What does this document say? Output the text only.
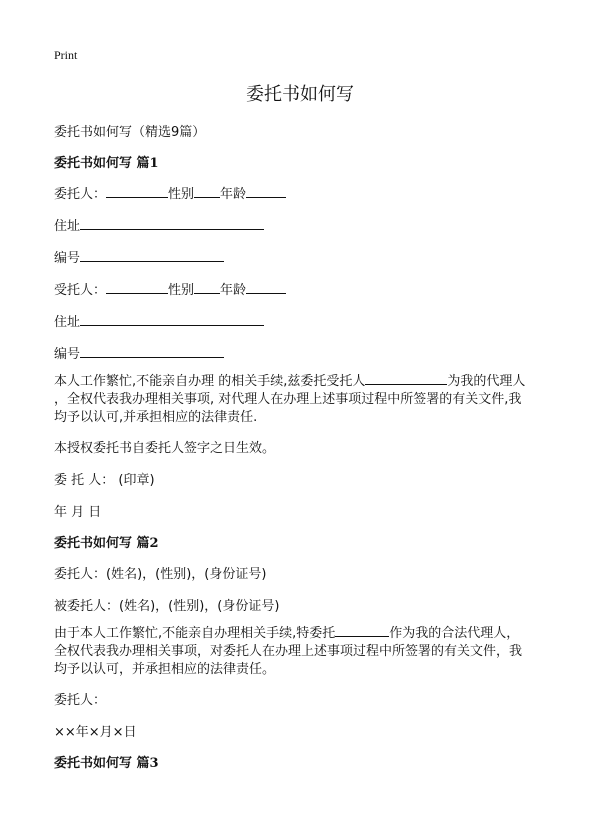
Print
委托书如何写
委托书如何写（精选9篇）
委托书如何写 篇1
委托人：	性别 年龄
住址
编号
受托人：	性别 年龄
住址
编号
本人工作繁忙,不能亲自办理 的相关手续,兹委托受托人	为我的代理人
，全权代表我办理相关事项, 对代理人在办理上述事项过程中所签署的有关文件,我
均予以认可,并承担相应的法律责任.
本授权委托书自委托人签字之日生效。
委 托 人： (印章)
年 月 日
委托书如何写 篇2
委托人：(姓名)，(性别)，(身份证号)
被委托人：(姓名)，(性别)，(身份证号)
由于本人工作繁忙,不能亲自办理相关手续,特委托	作为我的合法代理人，
全权代表我办理相关事项，对委托人在办理上述事项过程中所签署的有关文件，我
均予以认可，并承担相应的法律责任。
委托人：
××年×月×日
委托书如何写 篇3
